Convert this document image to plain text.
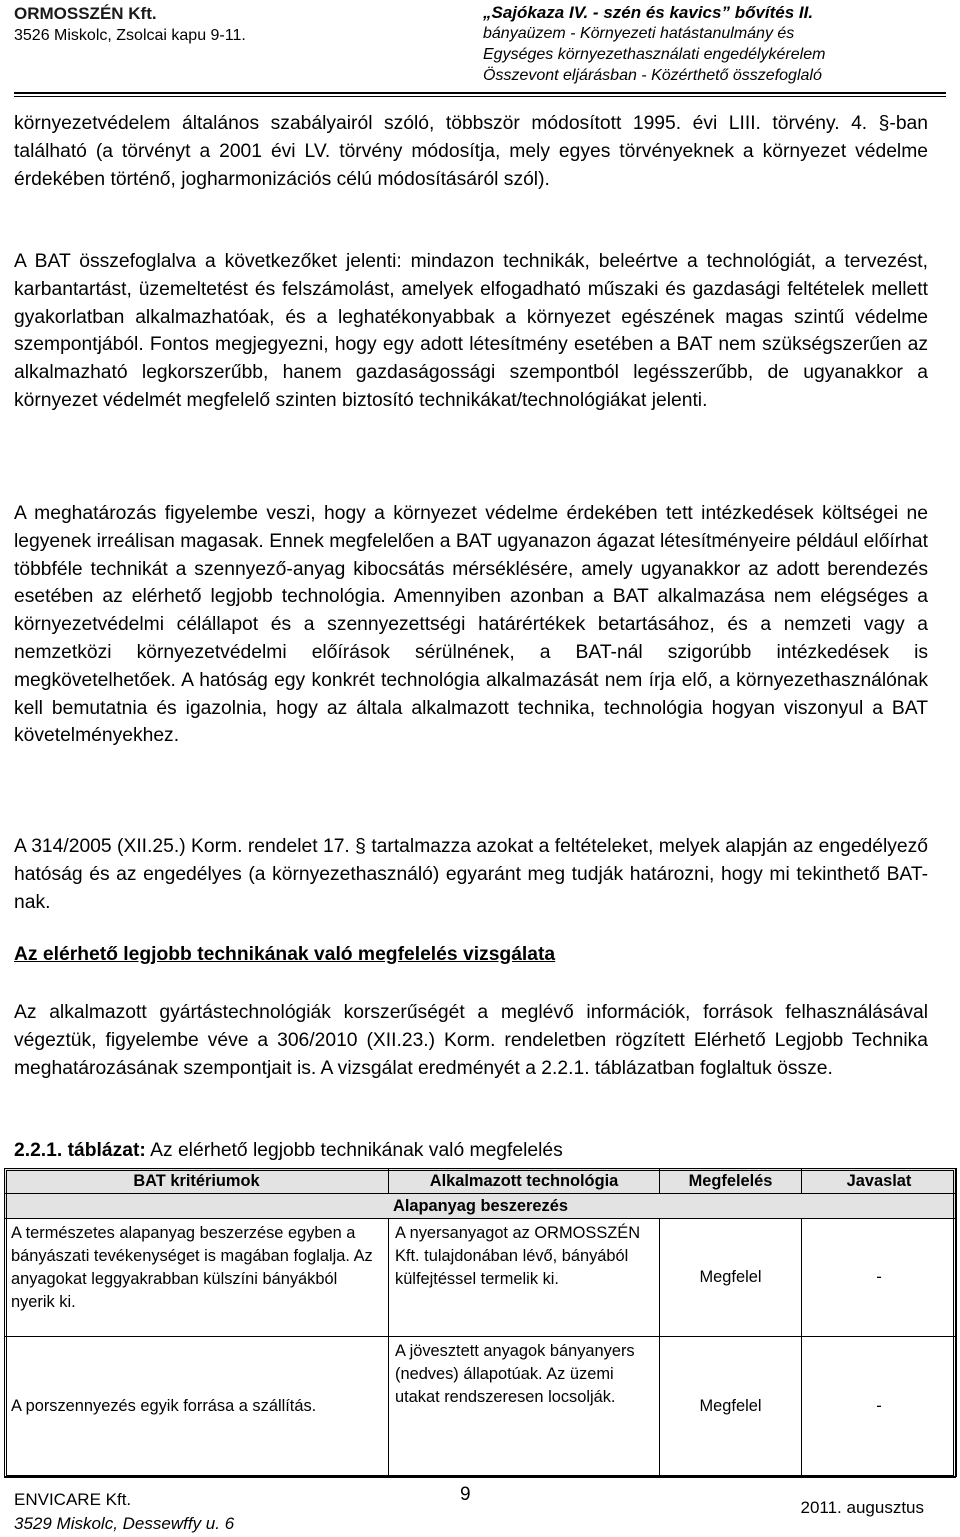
ORMOSSZÉN Kft.
3526 Miskolc, Zsolcai kapu 9-11.
„Sajókaza IV. - szén és kavics” bővítés II.
bányaüzem - Környezeti hatástanulmány és
Egységes környezethasználati engedélykérelem
Összevont eljárásban - Közérthető összefoglaló

környezetvédelem általános szabályairól szóló, többször módosított 1995. évi LIII. törvény. 4. §-ban található (a törvényt a 2001 évi LV. törvény módosítja, mely egyes törvényeknek a környezet védelme érdekében történő, jogharmonizációs célú módosításáról szól).

A BAT összefoglalva a következőket jelenti: mindazon technikák, beleértve a technológiát, a tervezést, karbantartást, üzemeltetést és felszámolást, amelyek elfogadható műszaki és gazdasági feltételek mellett gyakorlatban alkalmazhatóak, és a leghatékonyabbak a környezet egészének magas szintű védelme szempontjából. Fontos megjegyezni, hogy egy adott létesítmény esetében a BAT nem szükségszerűen az alkalmazható legkorszerűbb, hanem gazdaságossági szempontból legésszerűbb, de ugyanakkor a környezet védelmét megfelelő szinten biztosító technikákat/technológiákat jelenti.

A meghatározás figyelembe veszi, hogy a környezet védelme érdekében tett intézkedések költségei ne legyenek irreálisan magasak. Ennek megfelelően a BAT ugyanazon ágazat létesítményeire például előírhat többféle technikát a szennyező-anyag kibocsátás mérséklésére, amely ugyanakkor az adott berendezés esetében az elérhető legjobb technológia. Amennyiben azonban a BAT alkalmazása nem elégséges a környezetvédelmi célállapot és a szennyezettségi határértékek betartásához, és a nemzeti vagy a nemzetközi környezetvédelmi előírások sérülnének, a BAT-nál szigorúbb intézkedések is megkövetelhetőek. A hatóság egy konkrét technológia alkalmazását nem írja elő, a környezethasználónak kell bemutatnia és igazolnia, hogy az általa alkalmazott technika, technológia hogyan viszonyul a BAT követelményekhez.

A 314/2005 (XII.25.) Korm. rendelet 17. § tartalmazza azokat a feltételeket, melyek alapján az engedélyező hatóság és az engedélyes (a környezethasználó) egyaránt meg tudják határozni, hogy mi tekinthető BAT-nak.

Az elérhető legjobb technikának való megfelelés vizsgálata

Az alkalmazott gyártástechnológiák korszerűségét a meglévő információk, források felhasználásával végeztük, figyelembe véve a 306/2010 (XII.23.) Korm. rendeletben rögzített Elérhető Legjobb Technika meghatározásának szempontjait is. A vizsgálat eredményét a 2.2.1. táblázatban foglaltuk össze.

2.2.1. táblázat: Az elérhető legjobb technikának való megfelelés
BAT kritériumok	Alkalmazott technológia	Megfelelés	Javaslat
Alapanyag beszerezés			
A természetes alapanyag beszerzése egyben a bányászati tevékenységet is magában foglalja. Az anyagokat leggyakrabban külszíni bányákból nyerik ki.	A nyersanyagot az ORMOSSZÉN Kft. tulajdonában lévő, bányából külfejtéssel termelik ki.	Megfelel	-
A porszennyezés egyik forrása a szállítás.	A jövesztett anyagok bányanyers (nedves) állapotúak. Az üzemi utakat rendszeresen locsolják.	Megfelel	-
ENVICARE Kft.
3529 Miskolc, Dessewffy u. 6
9
2011. augusztus
